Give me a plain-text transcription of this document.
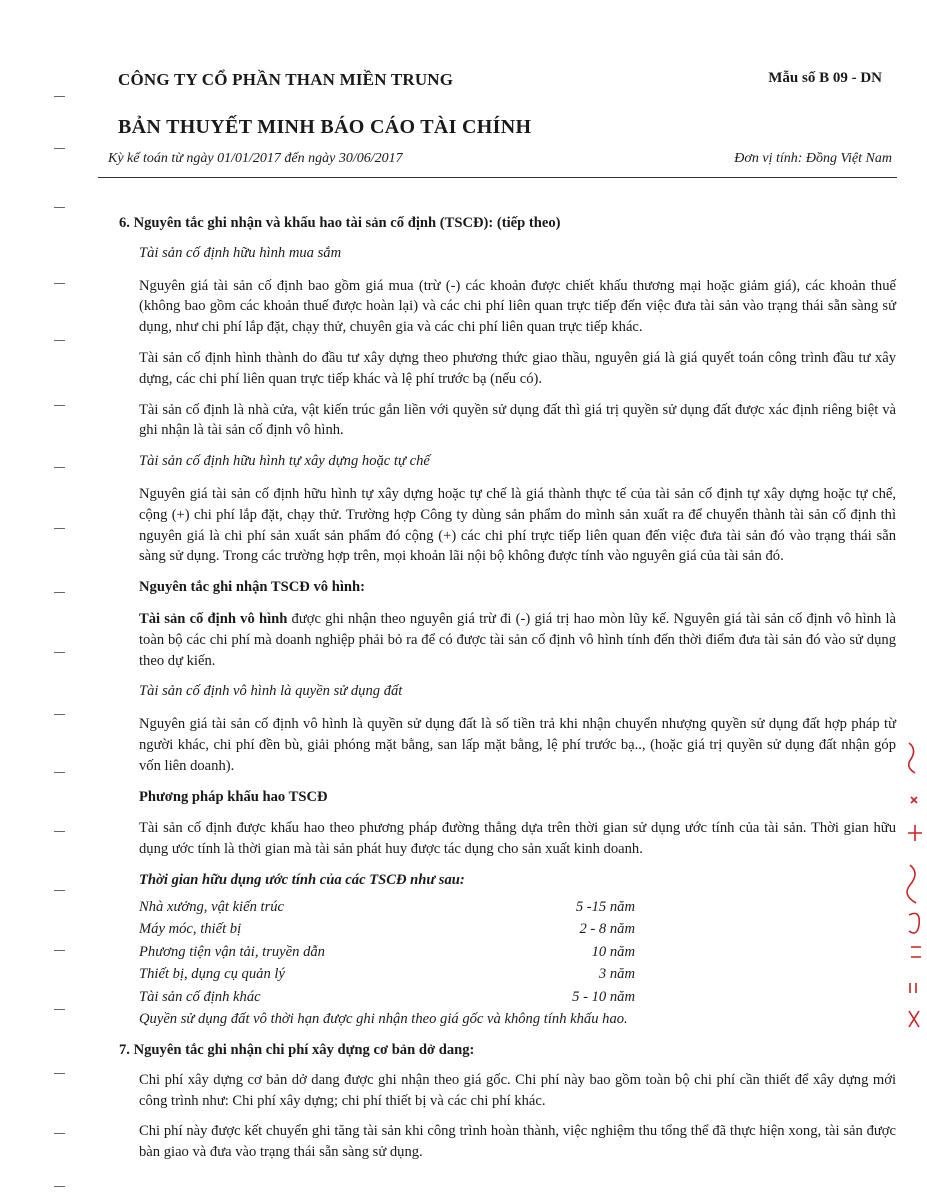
CÔNG TY CỔ PHẦN THAN MIỀN TRUNG	Mẫu số B 09 - DN
BẢN THUYẾT MINH BÁO CÁO TÀI CHÍNH
Kỳ kế toán từ ngày 01/01/2017 đến ngày 30/06/2017	Đơn vị tính: Đồng Việt Nam
6. Nguyên tắc ghi nhận và khấu hao tài sản cố định (TSCĐ): (tiếp theo)
Tài sản cố định hữu hình mua sắm
Nguyên giá tài sản cố định bao gồm giá mua (trừ (-) các khoản được chiết khấu thương mại hoặc giảm giá), các khoản thuế (không bao gồm các khoản thuế được hoàn lại) và các chi phí liên quan trực tiếp đến việc đưa tài sản vào trạng thái sẵn sàng sử dụng, như chi phí lắp đặt, chạy thử, chuyên gia và các chi phí liên quan trực tiếp khác.
Tài sản cố định hình thành do đầu tư xây dựng theo phương thức giao thầu, nguyên giá là giá quyết toán công trình đầu tư xây dựng, các chi phí liên quan trực tiếp khác và lệ phí trước bạ (nếu có).
Tài sản cố định là nhà cửa, vật kiến trúc gắn liền với quyền sử dụng đất thì giá trị quyền sử dụng đất được xác định riêng biệt và ghi nhận là tài sản cố định vô hình.
Tài sản cố định hữu hình tự xây dựng hoặc tự chế
Nguyên giá tài sản cố định hữu hình tự xây dựng hoặc tự chế là giá thành thực tế của tài sản cố định tự xây dựng hoặc tự chế, cộng (+) chi phí lắp đặt, chạy thử. Trường hợp Công ty dùng sản phẩm do mình sản xuất ra để chuyển thành tài sản cố định thì nguyên giá là chi phí sản xuất sản phẩm đó cộng (+) các chi phí trực tiếp liên quan đến việc đưa tài sản đó vào trạng thái sẵn sàng sử dụng. Trong các trường hợp trên, mọi khoản lãi nội bộ không được tính vào nguyên giá của tài sản đó.
Nguyên tắc ghi nhận TSCĐ vô hình:
Tài sản cố định vô hình được ghi nhận theo nguyên giá trừ đi (-) giá trị hao mòn lũy kế. Nguyên giá tài sản cố định vô hình là toàn bộ các chi phí mà doanh nghiệp phải bỏ ra để có được tài sản cố định vô hình tính đến thời điểm đưa tài sản đó vào sử dụng theo dự kiến.
Tài sản cố định vô hình là quyền sử dụng đất
Nguyên giá tài sản cố định vô hình là quyền sử dụng đất là số tiền trả khi nhận chuyển nhượng quyền sử dụng đất hợp pháp từ người khác, chi phí đền bù, giải phóng mặt bằng, san lấp mặt bằng, lệ phí trước bạ.., (hoặc giá trị quyền sử dụng đất nhận góp vốn liên doanh).
Phương pháp khấu hao TSCĐ
Tài sản cố định được khấu hao theo phương pháp đường thẳng dựa trên thời gian sử dụng ước tính của tài sản. Thời gian hữu dụng ước tính là thời gian mà tài sản phát huy được tác dụng cho sản xuất kinh doanh.
Thời gian hữu dụng ước tính của các TSCĐ như sau:
Nhà xưởng, vật kiến trúc	5 -15 năm
Máy móc, thiết bị	2 - 8 năm
Phương tiện vận tải, truyền dẫn	10 năm
Thiết bị, dụng cụ quản lý	3 năm
Tài sản cố định khác	5 - 10 năm
Quyền sử dụng đất vô thời hạn được ghi nhận theo giá gốc và không tính khấu hao.
7. Nguyên tắc ghi nhận chi phí xây dựng cơ bản dở dang:
Chi phí xây dựng cơ bản dở dang được ghi nhận theo giá gốc. Chi phí này bao gồm toàn bộ chi phí cần thiết để xây dựng mới công trình như: Chi phí xây dựng; chi phí thiết bị và các chi phí khác.
Chi phí này được kết chuyển ghi tăng tài sản khi công trình hoàn thành, việc nghiệm thu tổng thể đã thực hiện xong, tài sản được bàn giao và đưa vào trạng thái sẵn sàng sử dụng.
